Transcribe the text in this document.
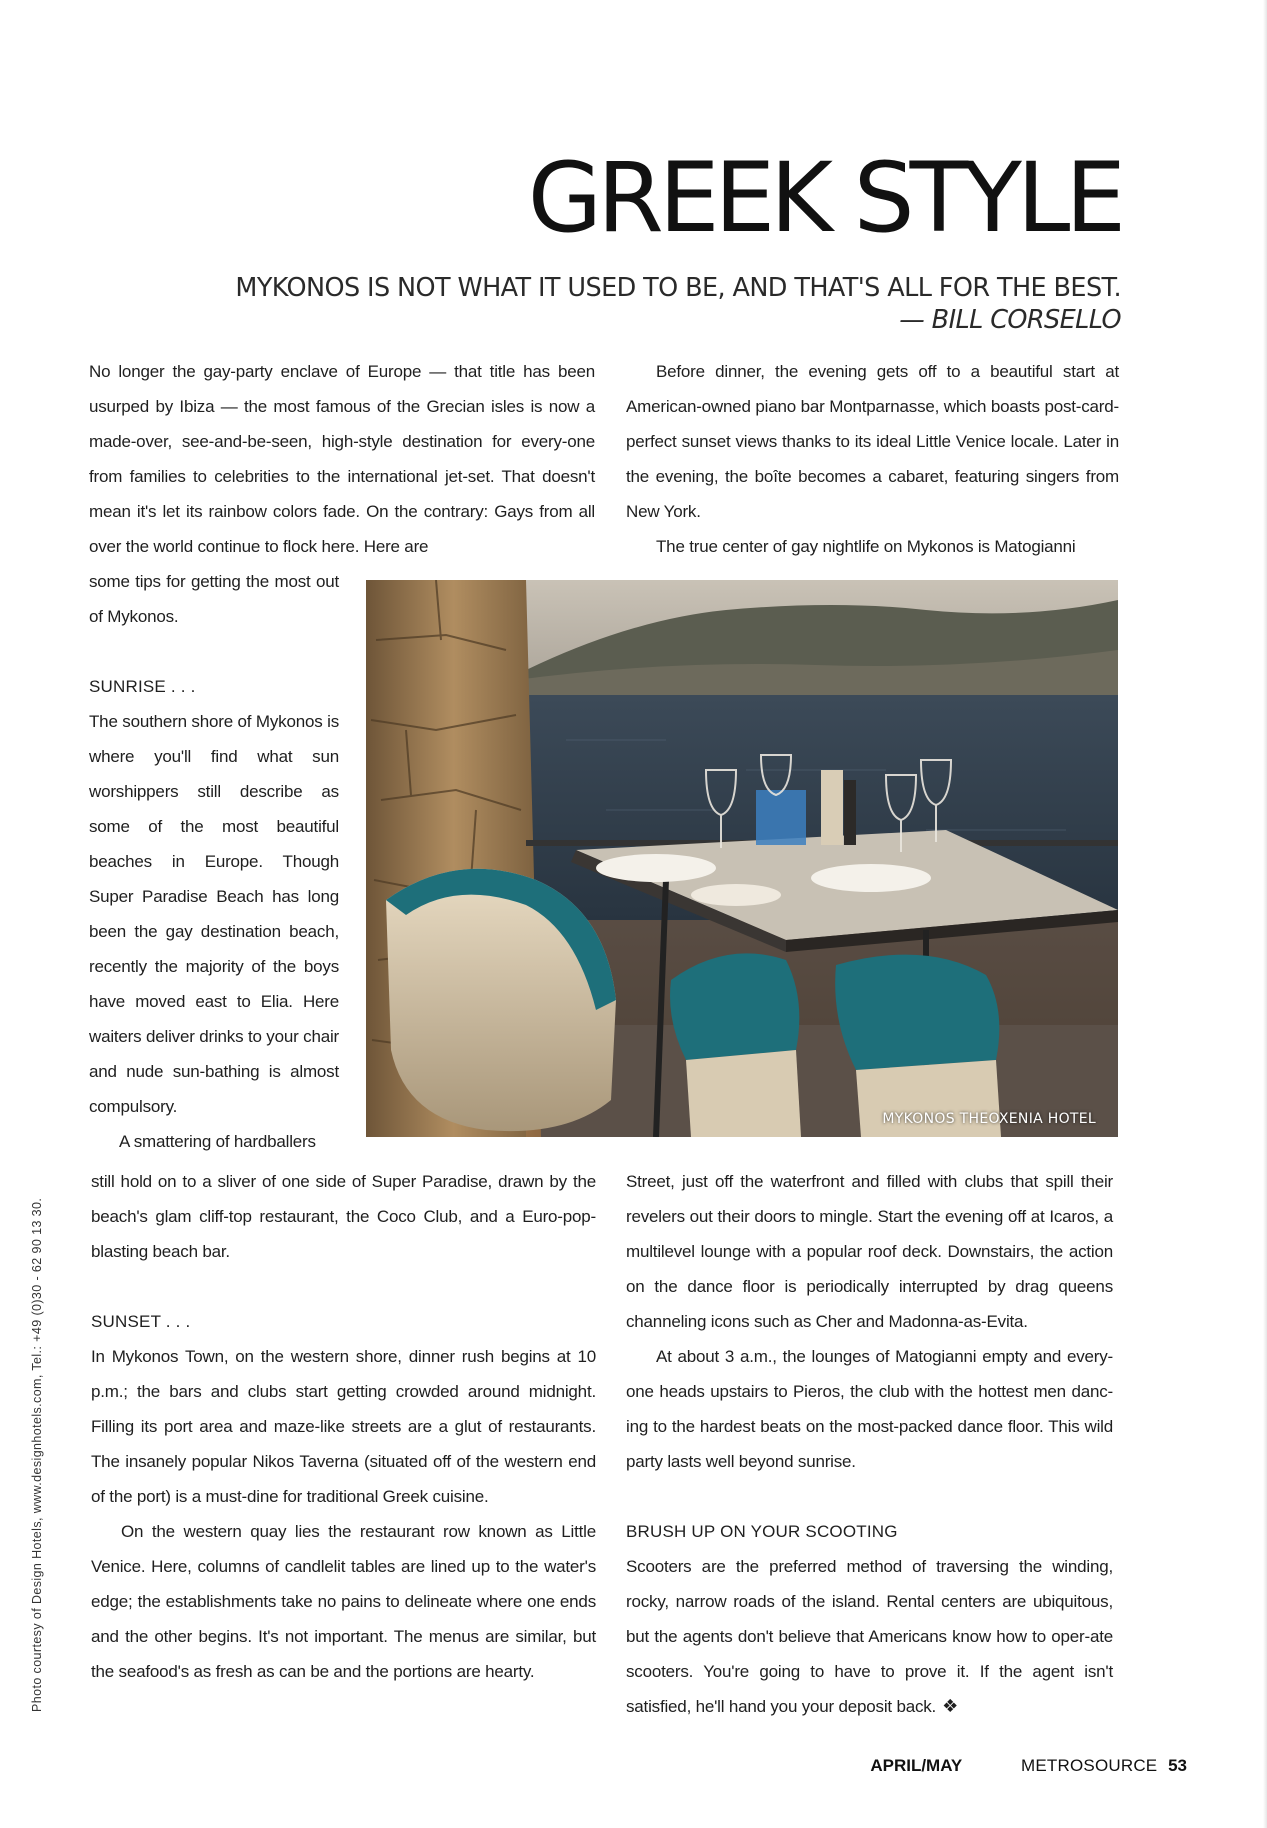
GREEK STYLE
MYKONOS IS NOT WHAT IT USED TO BE, AND THAT'S ALL FOR THE BEST.
— BILL CORSELLO

No longer the gay-party enclave of Europe — that title has been usurped by Ibiza — the most famous of the Grecian isles is now a made-over, see-and-be-seen, high-style destination for every-one from families to celebrities to the international jet-set. That doesn't mean it's let its rainbow colors fade. On the contrary: Gays from all over the world continue to flock here. Here are

some tips for getting the most out of Mykonos.

SUNRISE . . .

The southern shore of Mykonos is where you'll find what sun worshippers still describe as some of the most beautiful beaches in Europe. Though Super Paradise Beach has long been the gay destination beach, recently the majority of the boys have moved east to Elia. Here waiters deliver drinks to your chair and nude sun-bathing is almost compulsory.

A smattering of hardballers

still hold on to a sliver of one side of Super Paradise, drawn by the beach's glam cliff-top restaurant, the Coco Club, and a Euro-pop-blasting beach bar.

SUNSET . . .

In Mykonos Town, on the western shore, dinner rush begins at 10 p.m.; the bars and clubs start getting crowded around midnight. Filling its port area and maze-like streets are a glut of restaurants. The insanely popular Nikos Taverna (situated off of the western end of the port) is a must-dine for traditional Greek cuisine.

On the western quay lies the restaurant row known as Little Venice. Here, columns of candlelit tables are lined up to the water's edge; the establishments take no pains to delineate where one ends and the other begins. It's not important. The menus are similar, but the seafood's as fresh as can be and the portions are hearty.

Before dinner, the evening gets off to a beautiful start at American-owned piano bar Montparnasse, which boasts post-card-perfect sunset views thanks to its ideal Little Venice locale. Later in the evening, the boîte becomes a cabaret, featuring singers from New York.

The true center of gay nightlife on Mykonos is Matogianni

Street, just off the waterfront and filled with clubs that spill their revelers out their doors to mingle. Start the evening off at Icaros, a multilevel lounge with a popular roof deck. Downstairs, the action on the dance floor is periodically interrupted by drag queens channeling icons such as Cher and Madonna-as-Evita.

At about 3 a.m., the lounges of Matogianni empty and every-one heads upstairs to Pieros, the club with the hottest men danc-ing to the hardest beats on the most-packed dance floor. This wild party lasts well beyond sunrise.

BRUSH UP ON YOUR SCOOTING

Scooters are the preferred method of traversing the winding, rocky, narrow roads of the island. Rental centers are ubiquitous, but the agents don't believe that Americans know how to oper-ate scooters. You're going to have to prove it. If the agent isn't satisfied, he'll hand you your deposit back. ❖

MYKONOS THEOXENIA HOTEL
Photo courtesy of Design Hotels, www.designhotels.com, Tel.: +49 (0)30 - 62 90 13 30.
APRIL/MAY	METROSOURCE 53
